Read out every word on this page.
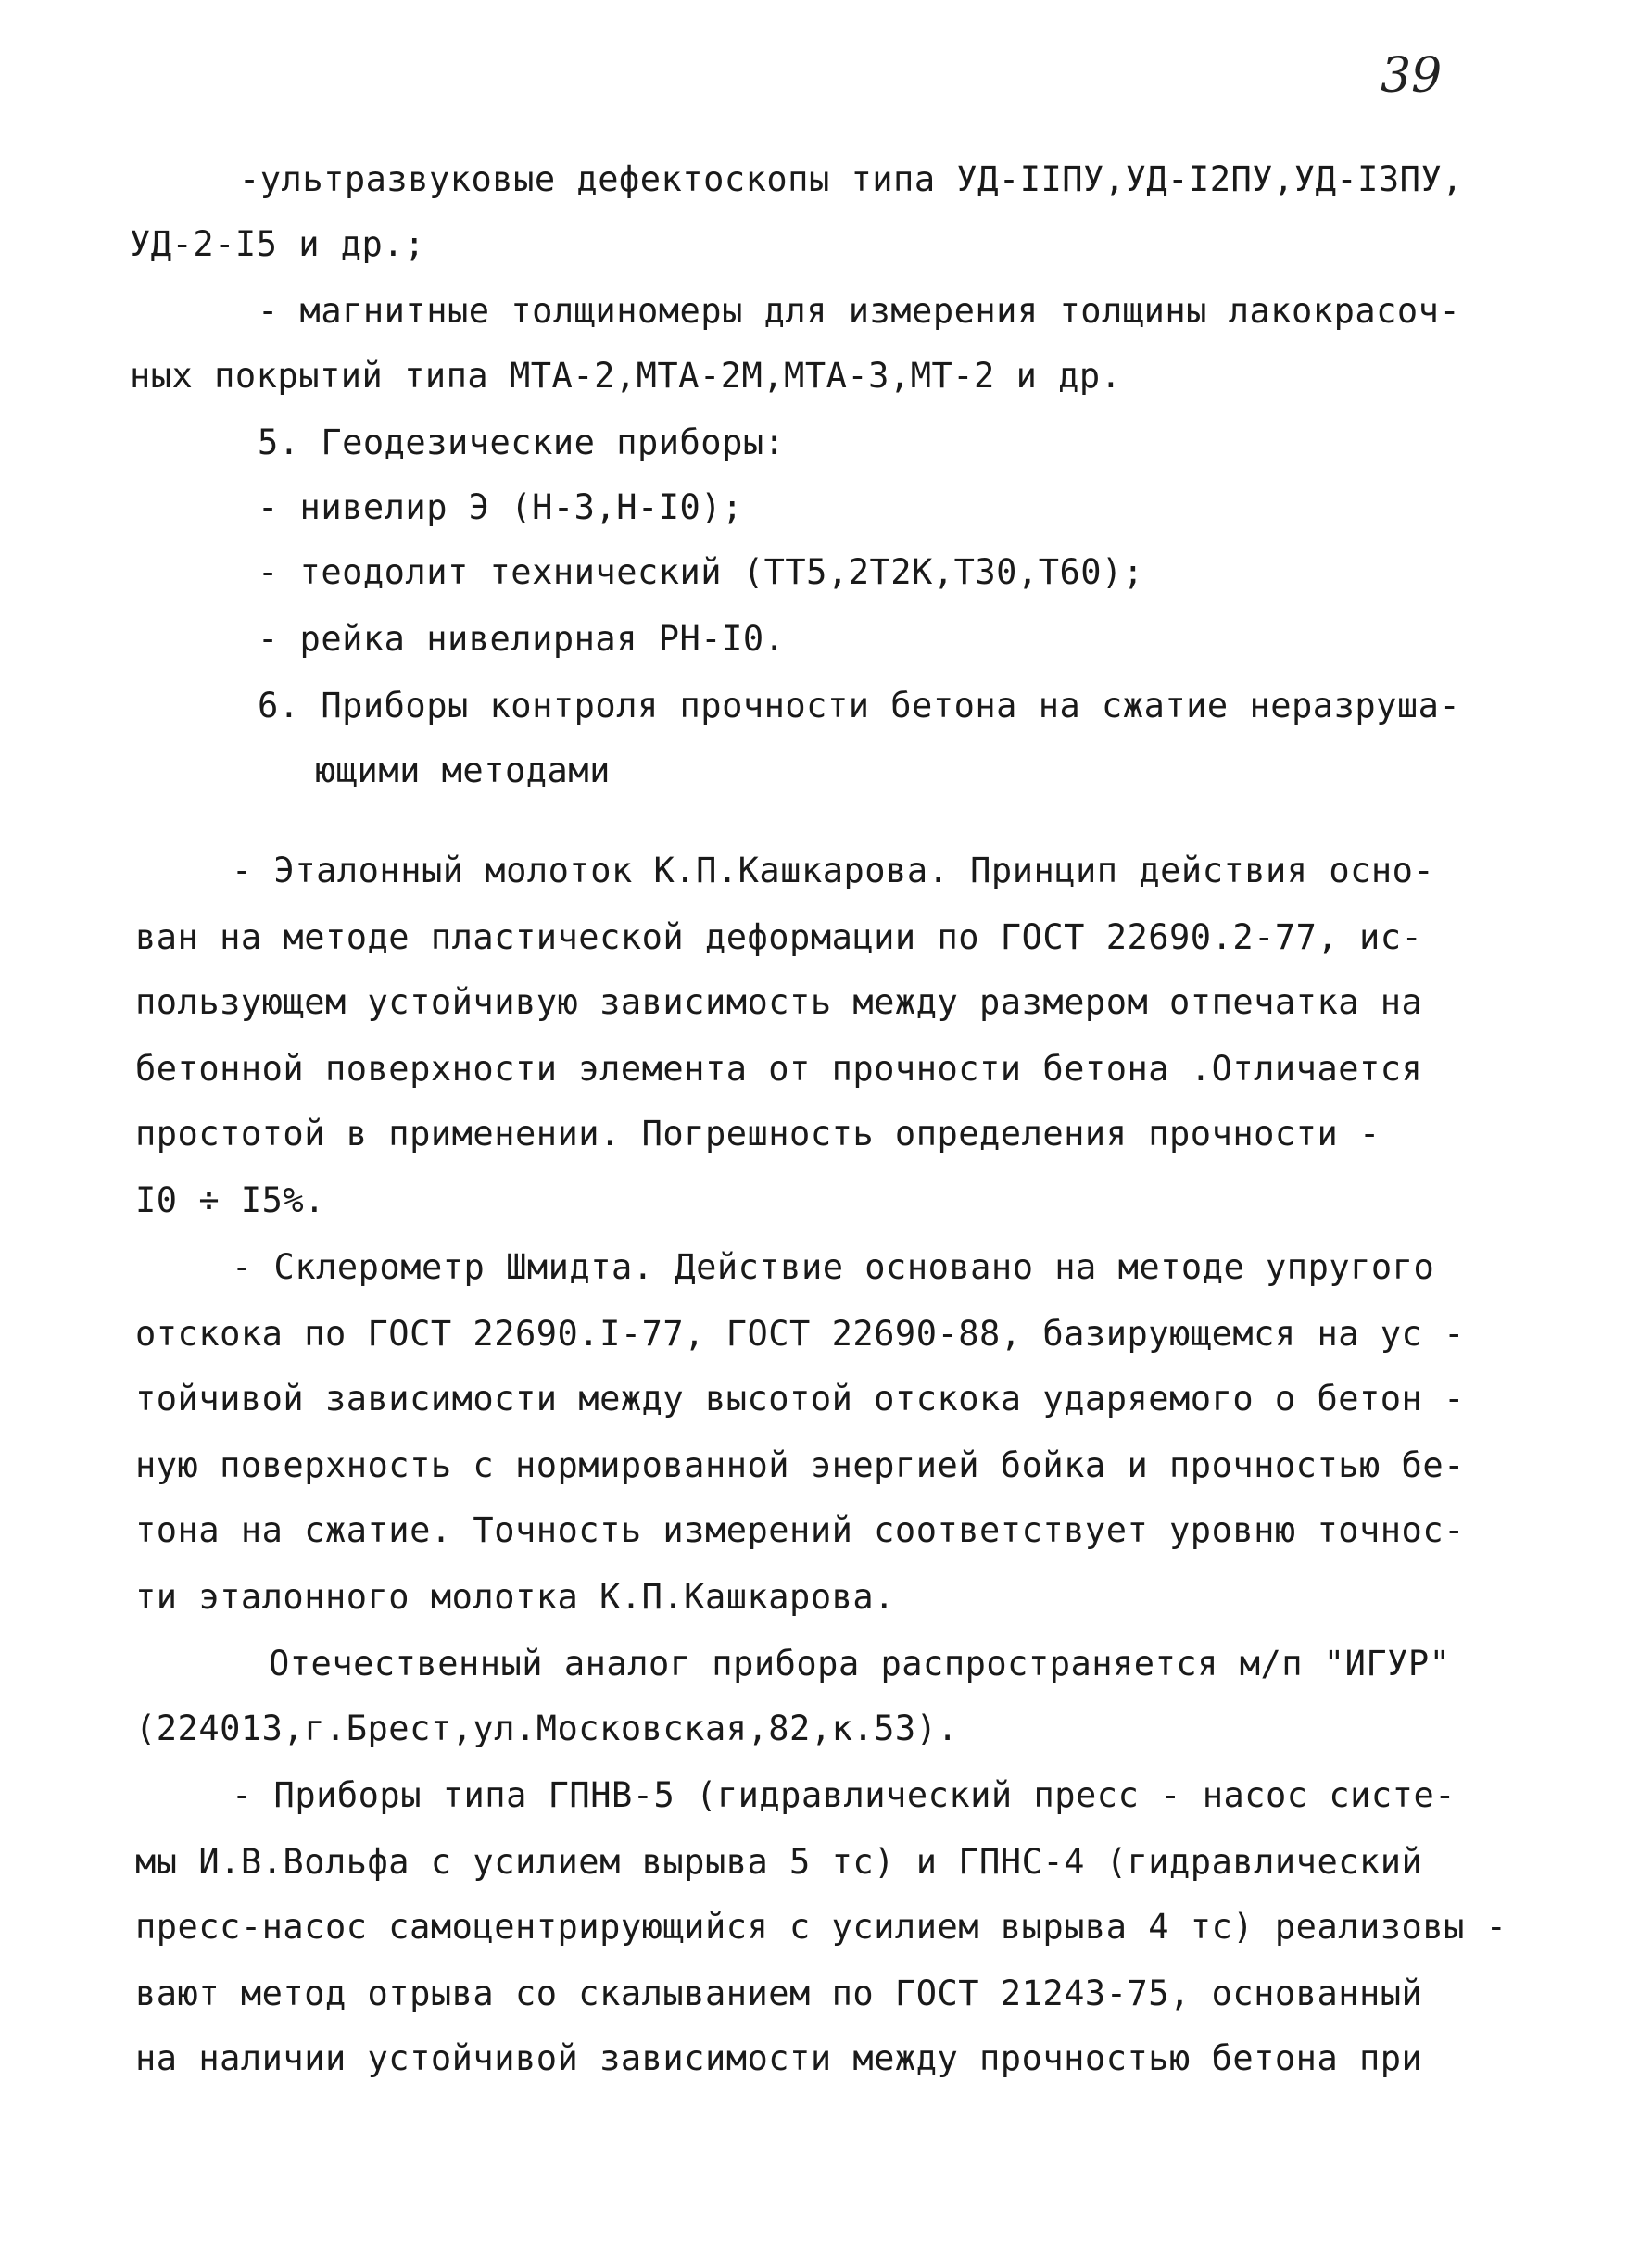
39
-ультразвуковые дефектоскопы типа УД-IIПУ,УД-I2ПУ,УД-I3ПУ,
УД-2-I5 и др.;
- магнитные толщиномеры для измерения толщины лакокрасоч-
ных покрытий типа МТА-2,МТА-2М,МТА-3,МТ-2 и др.
5. Геодезические приборы:
- нивелир Э (Н-3,Н-I0);
- теодолит технический (ТТ5,2Т2К,Т30,Т60);
- рейка нивелирная РН-I0.
6. Приборы контроля прочности бетона на сжатие неразруша-
ющими методами
- Эталонный молоток К.П.Кашкарова. Принцип действия осно-
ван на методе пластической деформации по ГОСТ 22690.2-77, ис-
пользующем устойчивую зависимость между размером отпечатка на
бетонной поверхности элемента от прочности бетона .Отличается
простотой в применении. Погрешность определения прочности -
I0 ÷ I5%.
- Склерометр Шмидта. Действие основано на методе упругого
отскока по ГОСТ 22690.I-77, ГОСТ 22690-88, базирующемся на ус -
тойчивой зависимости между высотой отскока ударяемого о бетон -
ную поверхность с нормированной энергией бойка и прочностью бе-
тона на сжатие. Точность измерений соответствует уровню точнос-
ти эталонного молотка К.П.Кашкарова.
Отечественный аналог прибора распространяется м/п "ИГУР"
(224013,г.Брест,ул.Московская,82,к.53).
- Приборы типа ГПНВ-5 (гидравлический пресс - насос систе-
мы И.В.Вольфа с усилием вырыва 5 тс) и ГПНС-4 (гидравлический
пресс-насос самоцентрирующийся с усилием вырыва 4 тс) реализовы -
вают метод отрыва со скалыванием по ГОСТ 21243-75, основанный
на наличии устойчивой зависимости между прочностью бетона при
